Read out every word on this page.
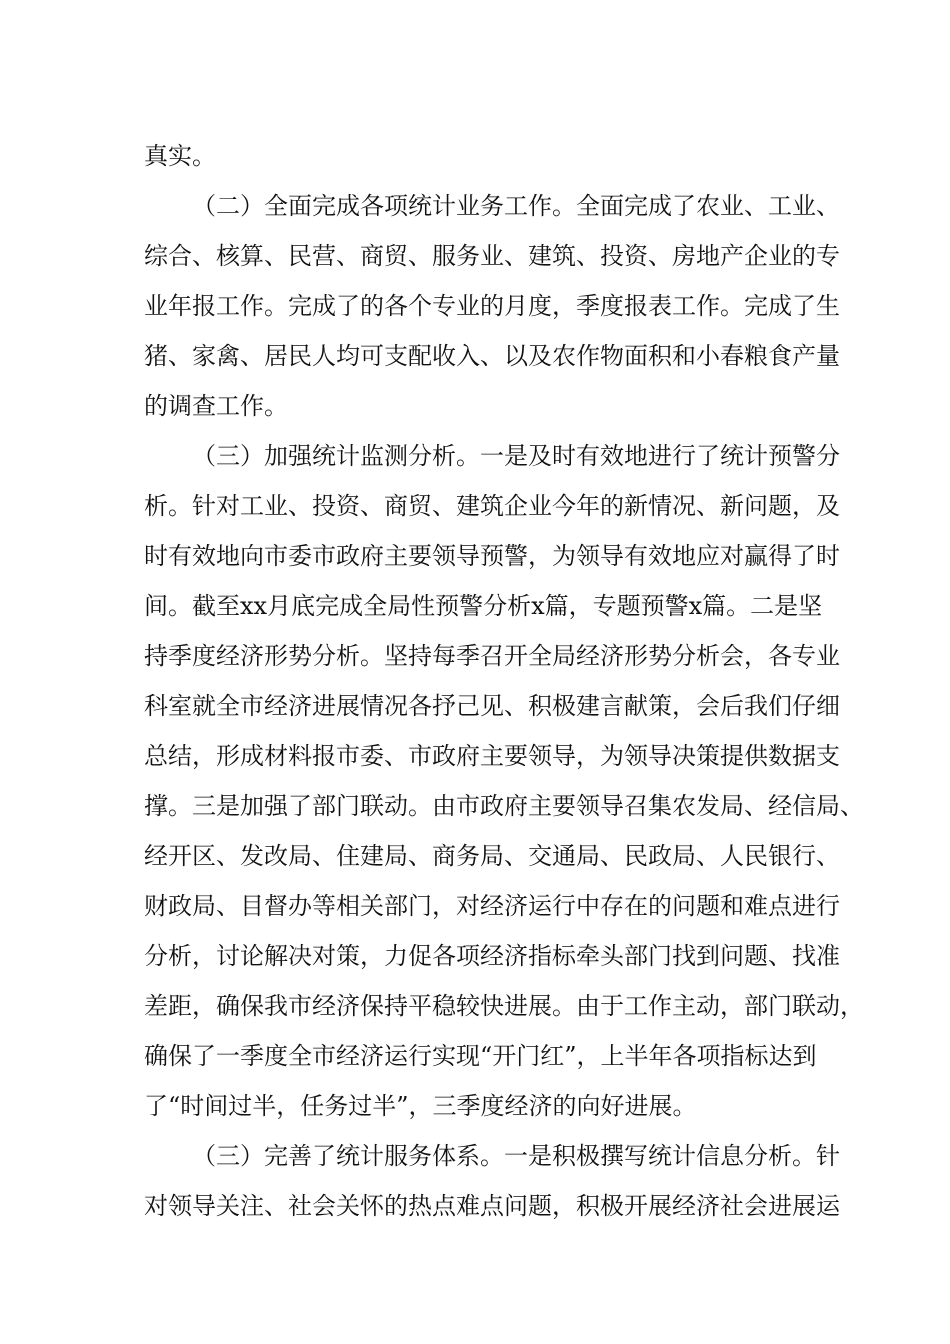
真实。
（二）全面完成各项统计业务工作。全面完成了农业、工业、
综合、核算、民营、商贸、服务业、建筑、投资、房地产企业的专
业年报工作。完成了的各个专业的月度，季度报表工作。完成了生
猪、家禽、居民人均可支配收入、以及农作物面积和小春粮食产量
的调查工作。
（三）加强统计监测分析。一是及时有效地进行了统计预警分
析。针对工业、投资、商贸、建筑企业今年的新情况、新问题，及
时有效地向市委市政府主要领导预警，为领导有效地应对赢得了时
间。截至xx月底完成全局性预警分析x篇，专题预警x篇。二是坚
持季度经济形势分析。坚持每季召开全局经济形势分析会，各专业
科室就全市经济进展情况各抒己见、积极建言献策，会后我们仔细
总结，形成材料报市委、市政府主要领导，为领导决策提供数据支
撑。三是加强了部门联动。由市政府主要领导召集农发局、经信局、
经开区、发改局、住建局、商务局、交通局、民政局、人民银行、
财政局、目督办等相关部门，对经济运行中存在的问题和难点进行
分析，讨论解决对策，力促各项经济指标牵头部门找到问题、找准
差距，确保我市经济保持平稳较快进展。由于工作主动，部门联动，
确保了一季度全市经济运行实现“开门红”，上半年各项指标达到
了“时间过半，任务过半”，三季度经济的向好进展。
（三）完善了统计服务体系。一是积极撰写统计信息分析。针
对领导关注、社会关怀的热点难点问题，积极开展经济社会进展运
